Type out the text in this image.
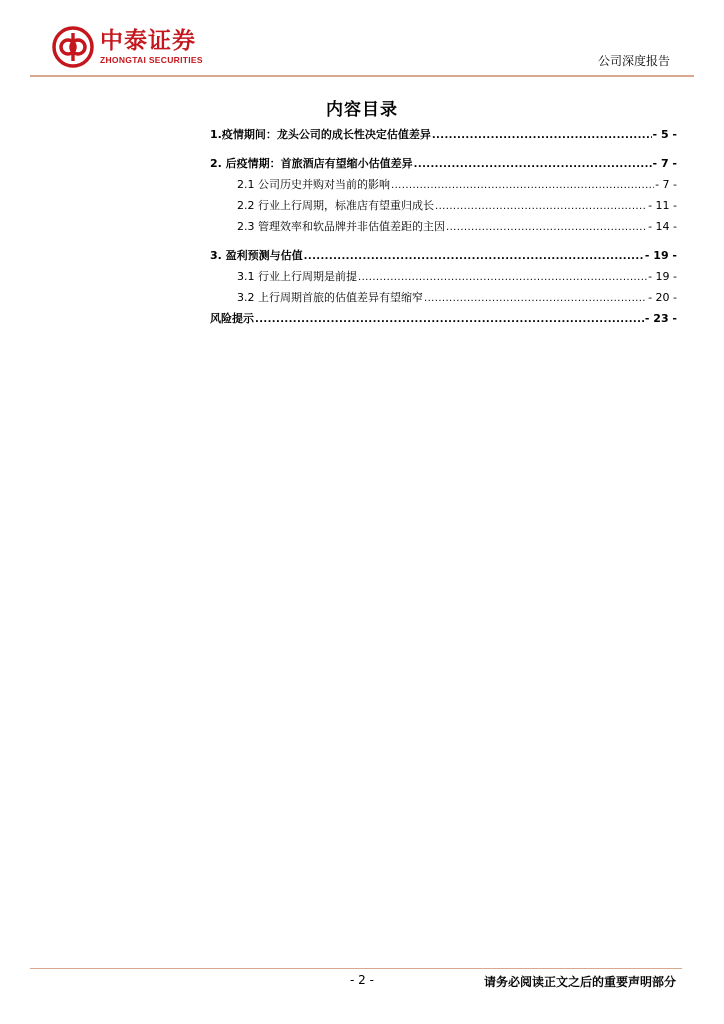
中泰证券
ZHONGTAI SECURITIES	公司深度报告
内容目录
1.疫情期间：龙头公司的成长性决定估值差异 .....	- 5 -
2. 后疫情期：首旅酒店有望缩小估值差异 .....	- 7 -
2.1 公司历史并购对当前的影响 .....	- 7 -
2.2 行业上行周期，标准店有望重归成长 .....	- 11 -
2.3 管理效率和软品牌并非估值差距的主因 .....	- 14 -
3. 盈利预测与估值 .....	- 19 -
3.1 行业上行周期是前提 .....	- 19 -
3.2 上行周期首旅的估值差异有望缩窄 .....	- 20 -
风险提示 .....	- 23 -
- 2 -	请务必阅读正文之后的重要声明部分
